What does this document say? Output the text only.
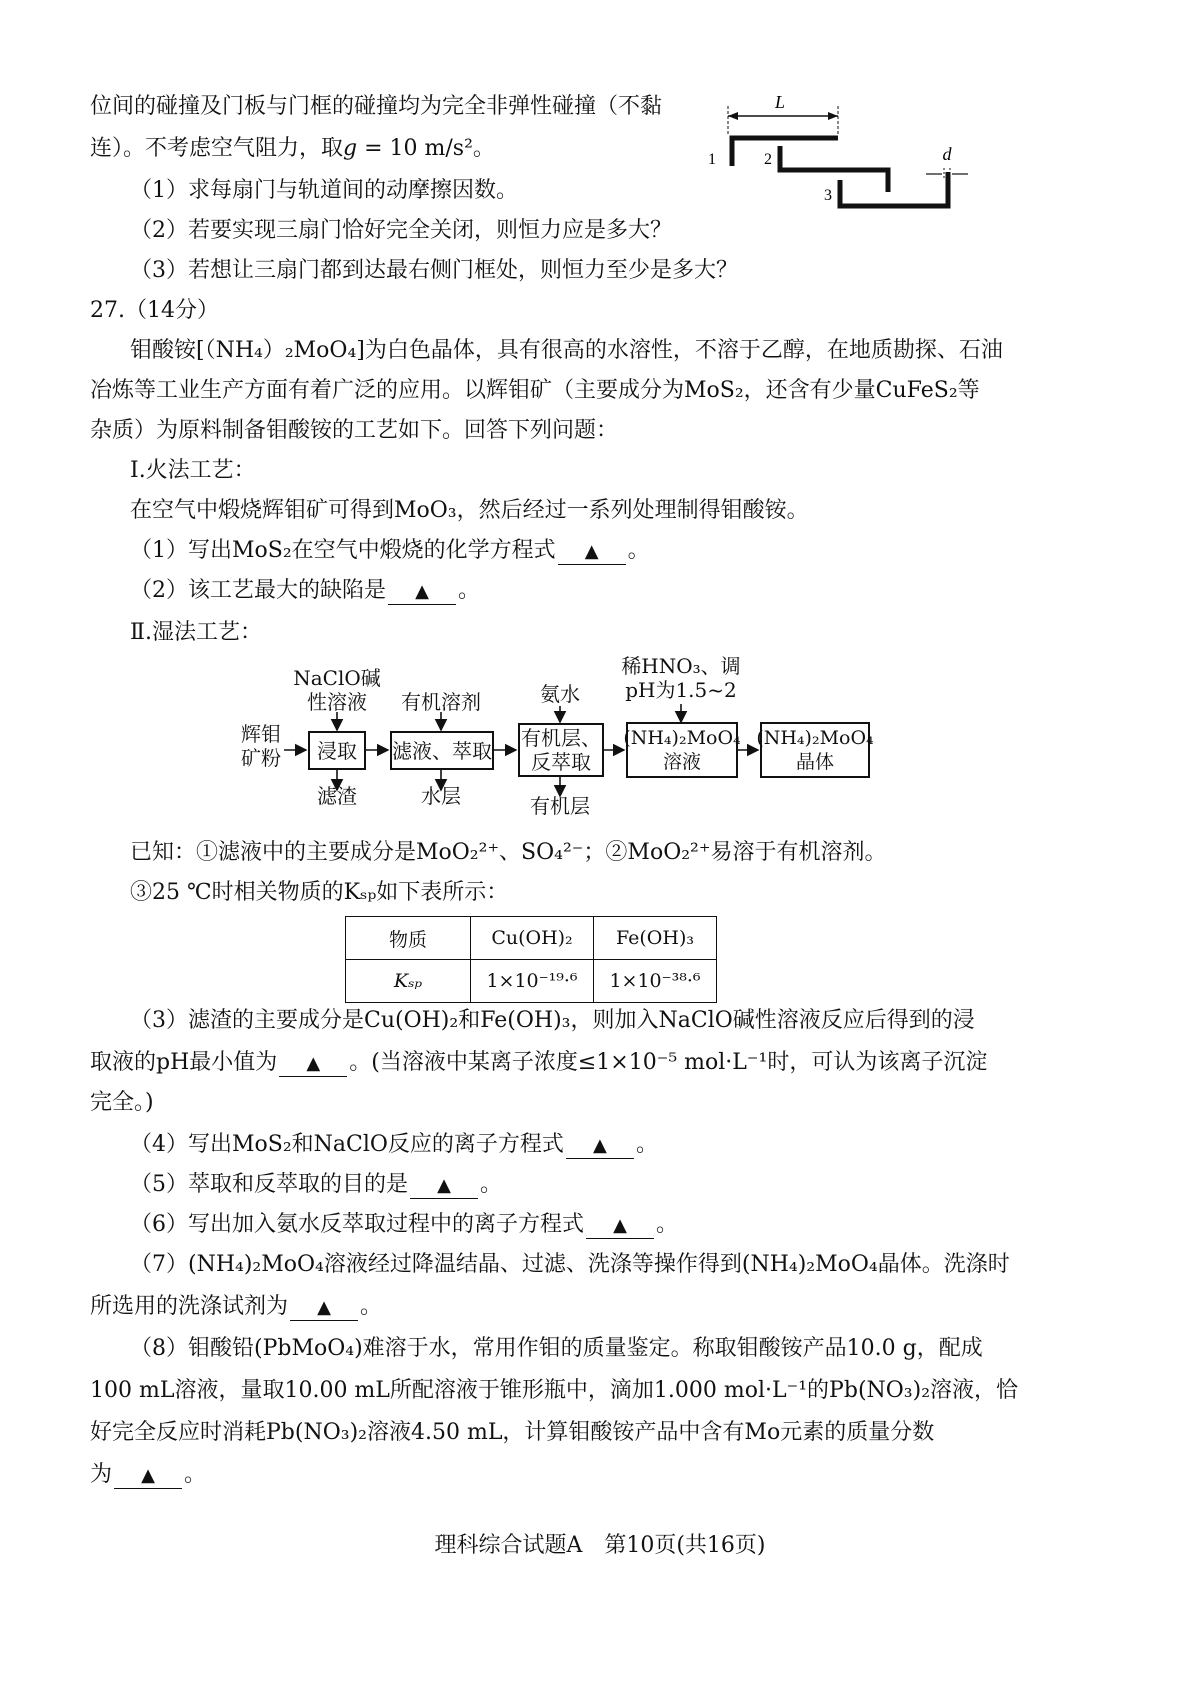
位间的碰撞及门板与门框的碰撞均为完全非弹性碰撞（不黏
连）。不考虑空气阻力，取g = 10 m/s²。
（1）求每扇门与轨道间的动摩擦因数。
（2）若要实现三扇门恰好完全关闭，则恒力应是多大？
（3）若想让三扇门都到达最右侧门框处，则恒力至少是多大？
L
d
1	2
3
27.（14分）
钼酸铵[（NH₄）₂MoO₄]为白色晶体，具有很高的水溶性，不溶于乙醇，在地质勘探、石油
冶炼等工业生产方面有着广泛的应用。以辉钼矿（主要成分为MoS₂，还含有少量CuFeS₂等
杂质）为原料制备钼酸铵的工艺如下。回答下列问题：
Ⅰ.火法工艺：
在空气中煅烧辉钼矿可得到MoO₃，然后经过一系列处理制得钼酸铵。
（1）写出MoS₂在空气中煅烧的化学方程式 ▲	。
（2）该工艺最大的缺陷是 ▲	。
Ⅱ.湿法工艺：
辉钼
矿粉
NaClO碱
性溶液
浸取
滤渣
有机溶剂
滤液、萃取
水层
氨水
有机层、
反萃取
有机层
稀HNO₃、调
pH为1.5~2
(NH₄)₂MoO₄
溶液
(NH₄)₂MoO₄
晶体
已知：①滤液中的主要成分是MoO₂²⁺、SO₄²⁻；②MoO₂²⁺易溶于有机溶剂。
③25 ℃时相关物质的Kₛₚ如下表所示：
物质	Cu(OH)₂	Fe(OH)₃
Kₛₚ	1×10⁻¹⁹·⁶	1×10⁻³⁸·⁶
（3）滤渣的主要成分是Cu(OH)₂和Fe(OH)₃，则加入NaClO碱性溶液反应后得到的浸
取液的pH最小值为 ▲	。(当溶液中某离子浓度≤1×10⁻⁵ mol·L⁻¹时，可认为该离子沉淀
完全。)
（4）写出MoS₂和NaClO反应的离子方程式 ▲	。
（5）萃取和反萃取的目的是 ▲	。
（6）写出加入氨水反萃取过程中的离子方程式 ▲	。
（7）(NH₄)₂MoO₄溶液经过降温结晶、过滤、洗涤等操作得到(NH₄)₂MoO₄晶体。洗涤时
所选用的洗涤试剂为 ▲	。
（8）钼酸铅(PbMoO₄)难溶于水，常用作钼的质量鉴定。称取钼酸铵产品10.0 g，配成
100 mL溶液，量取10.00 mL所配溶液于锥形瓶中，滴加1.000 mol·L⁻¹的Pb(NO₃)₂溶液，恰
好完全反应时消耗Pb(NO₃)₂溶液4.50 mL，计算钼酸铵产品中含有Mo元素的质量分数
为 ▲	。
理科综合试题A　第10页(共16页)
